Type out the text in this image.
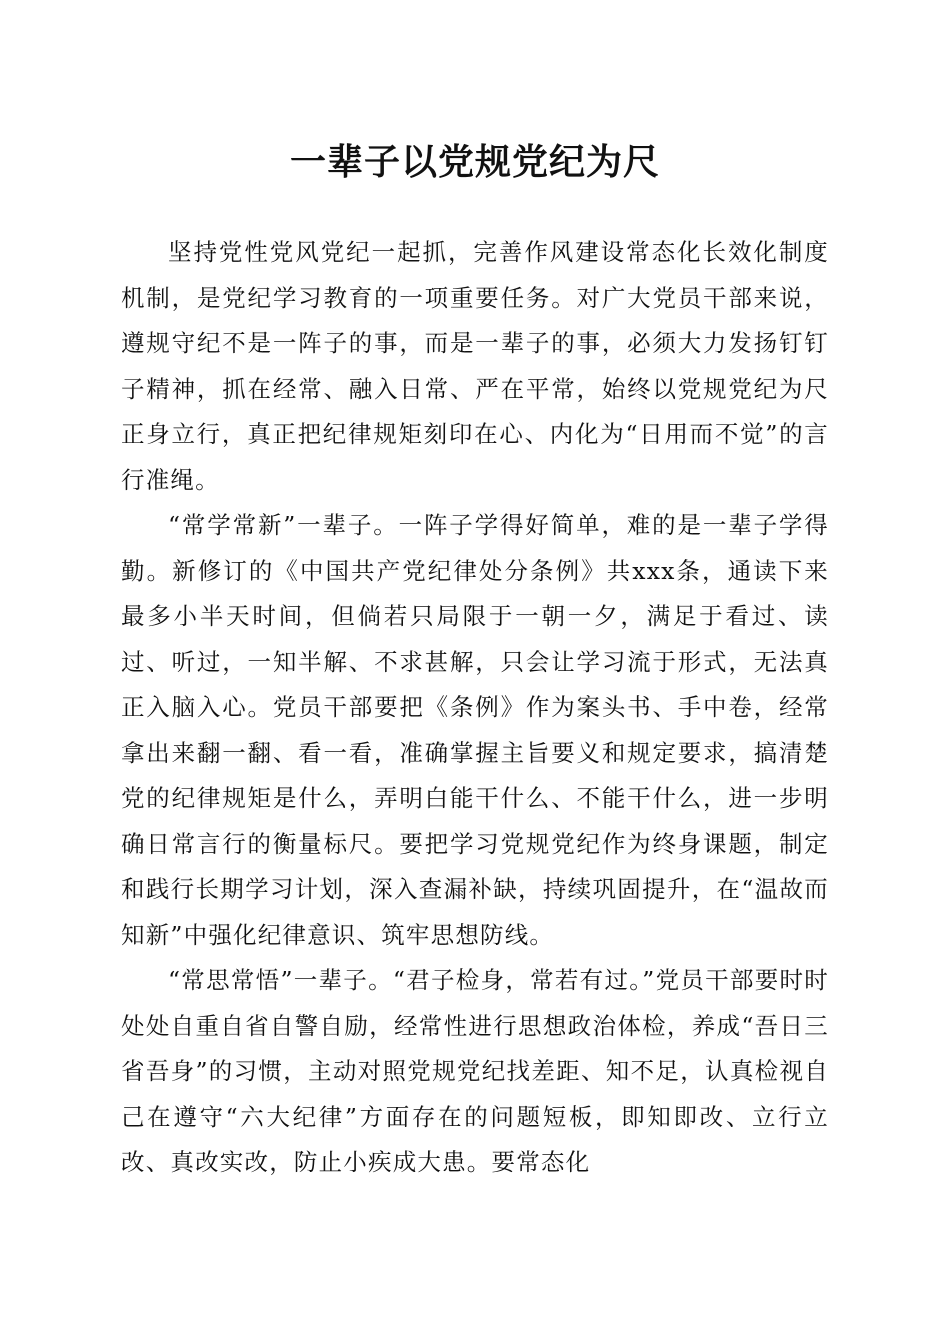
一辈子以党规党纪为尺

坚持党性党风党纪一起抓，完善作风建设常态化长效化制度机制，是党纪学习教育的一项重要任务。对广大党员干部来说，遵规守纪不是一阵子的事，而是一辈子的事，必须大力发扬钉钉子精神，抓在经常、融入日常、严在平常，始终以党规党纪为尺正身立行，真正把纪律规矩刻印在心、内化为“日用而不觉”的言行准绳。

“常学常新”一辈子。一阵子学得好简单，难的是一辈子学得勤。新修订的《中国共产党纪律处分条例》共xxx条，通读下来最多小半天时间，但倘若只局限于一朝一夕，满足于看过、读过、听过，一知半解、不求甚解，只会让学习流于形式，无法真正入脑入心。党员干部要把《条例》作为案头书、手中卷，经常拿出来翻一翻、看一看，准确掌握主旨要义和规定要求，搞清楚党的纪律规矩是什么，弄明白能干什么、不能干什么，进一步明确日常言行的衡量标尺。要把学习党规党纪作为终身课题，制定和践行长期学习计划，深入查漏补缺，持续巩固提升，在“温故而知新”中强化纪律意识、筑牢思想防线。

“常思常悟”一辈子。“君子检身，常若有过。”党员干部要时时处处自重自省自警自励，经常性进行思想政治体检，养成“吾日三省吾身”的习惯，主动对照党规党纪找差距、知不足，认真检视自己在遵守“六大纪律”方面存在的问题短板，即知即改、立行立改、真改实改，防止小疾成大患。要常态化
